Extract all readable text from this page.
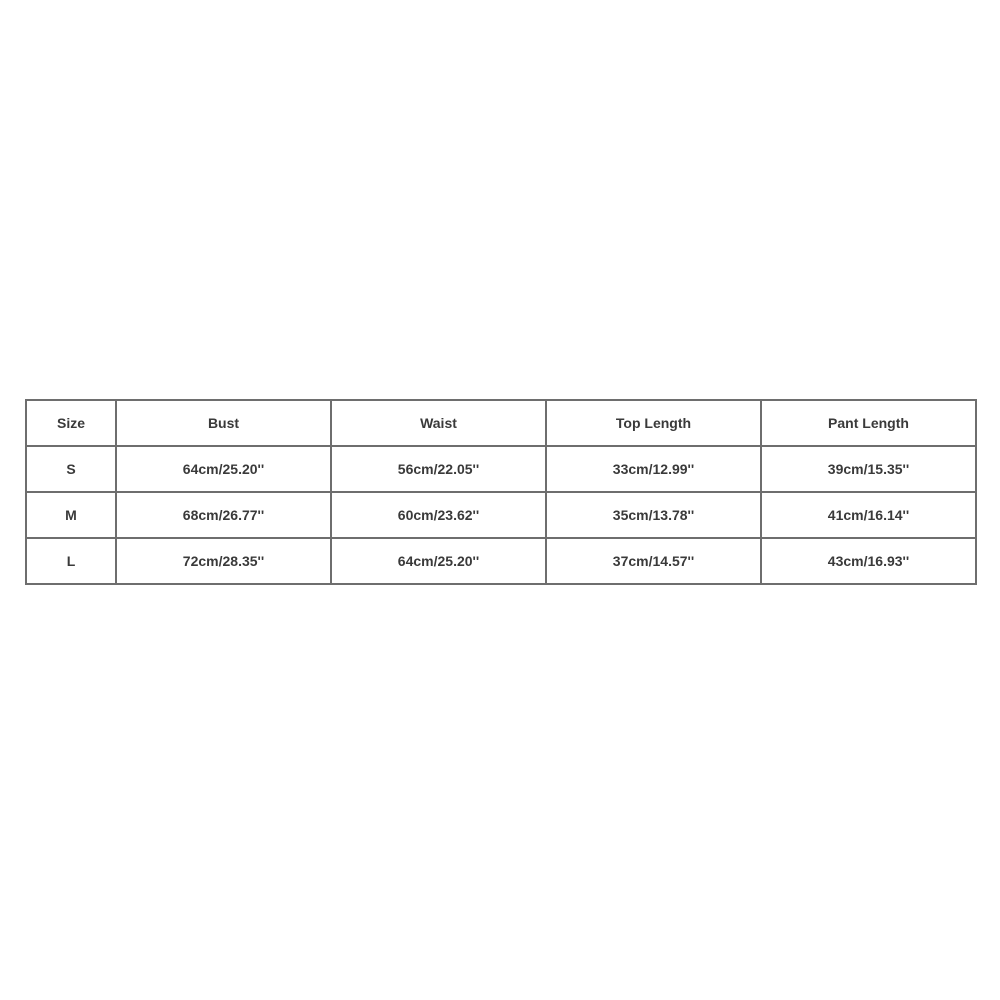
Size	Bust	Waist	Top Length	Pant Length
S	64cm/25.20''	56cm/22.05''	33cm/12.99''	39cm/15.35''
M	68cm/26.77''	60cm/23.62''	35cm/13.78''	41cm/16.14''
L	72cm/28.35''	64cm/25.20''	37cm/14.57''	43cm/16.93''
